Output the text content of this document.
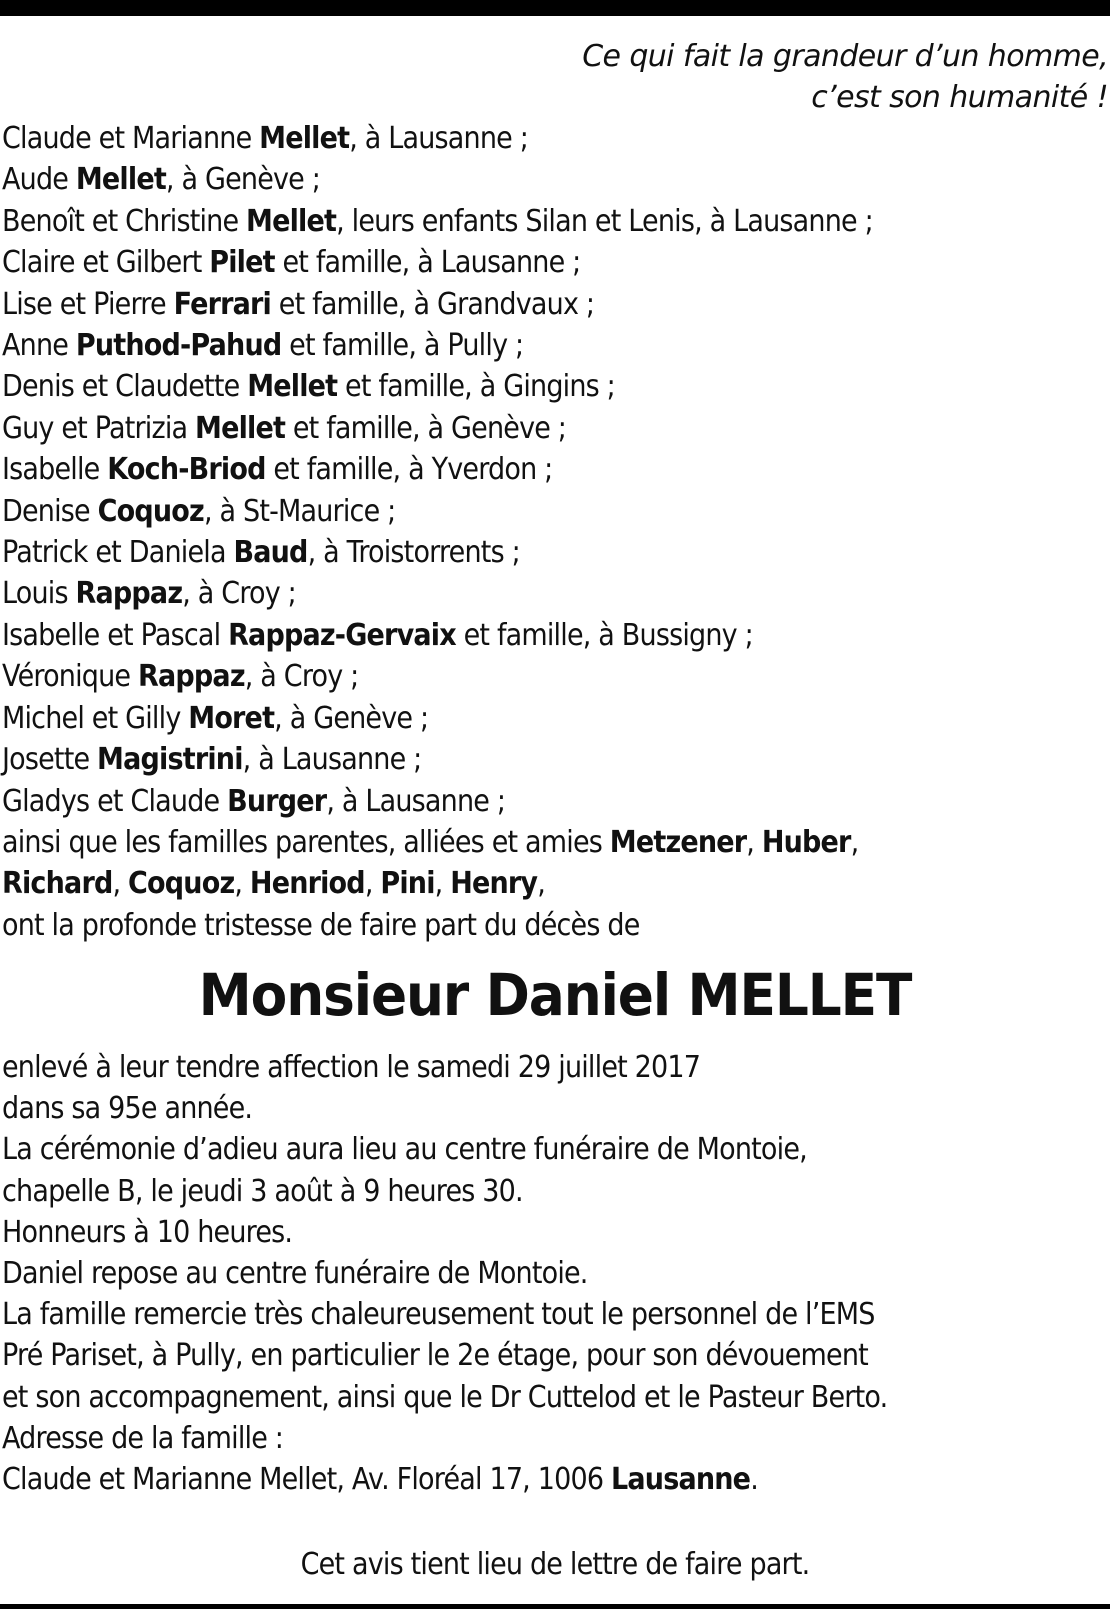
Ce qui fait la grandeur d’un homme,
c’est son humanité !
Claude et Marianne Mellet, à Lausanne ;
Aude Mellet, à Genève ;
Benoît et Christine Mellet, leurs enfants Silan et Lenis, à Lausanne ;
Claire et Gilbert Pilet et famille, à Lausanne ;
Lise et Pierre Ferrari et famille, à Grandvaux ;
Anne Puthod-Pahud et famille, à Pully ;
Denis et Claudette Mellet et famille, à Gingins ;
Guy et Patrizia Mellet et famille, à Genève ;
Isabelle Koch-Briod et famille, à Yverdon ;
Denise Coquoz, à St-Maurice ;
Patrick et Daniela Baud, à Troistorrents ;
Louis Rappaz, à Croy ;
Isabelle et Pascal Rappaz-Gervaix et famille, à Bussigny ;
Véronique Rappaz, à Croy ;
Michel et Gilly Moret, à Genève ;
Josette Magistrini, à Lausanne ;
Gladys et Claude Burger, à Lausanne ;
ainsi que les familles parentes, alliées et amies Metzener, Huber,
Richard, Coquoz, Henriod, Pini, Henry,
ont la profonde tristesse de faire part du décès de
Monsieur Daniel MELLET
enlevé à leur tendre affection le samedi 29 juillet 2017
dans sa 95e année.
La cérémonie d’adieu aura lieu au centre funéraire de Montoie,
chapelle B, le jeudi 3 août à 9 heures 30.
Honneurs à 10 heures.
Daniel repose au centre funéraire de Montoie.
La famille remercie très chaleureusement tout le personnel de l’EMS
Pré Pariset, à Pully, en particulier le 2e étage, pour son dévouement
et son accompagnement, ainsi que le Dr Cuttelod et le Pasteur Berto.
Adresse de la famille :
Claude et Marianne Mellet, Av. Floréal 17, 1006 Lausanne.
Cet avis tient lieu de lettre de faire part.
